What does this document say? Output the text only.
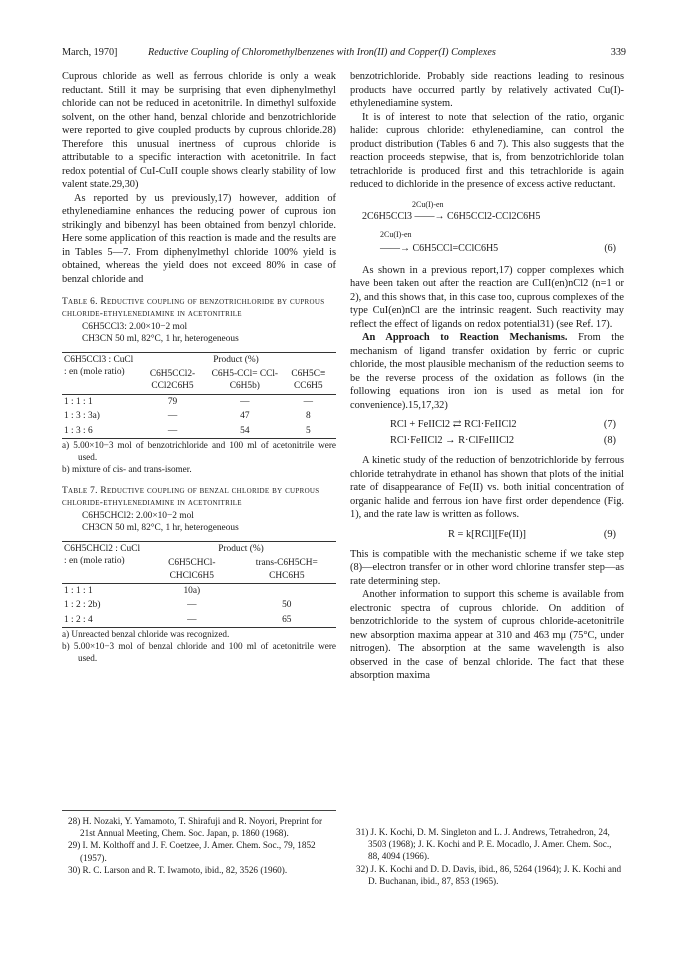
March, 1970]	Reductive Coupling of Chloromethylbenzenes with Iron(II) and Copper(I) Complexes	339

Cuprous chloride as well as ferrous chloride is only a weak reductant. Still it may be surprising that even diphenylmethyl chloride can not be reduced in acetonitrile. In dimethyl sulfoxide solvent, on the other hand, benzal chloride and benzotrichloride were reported to give coupled products by cuprous chloride.28) Therefore this unusual inertness of cuprous chloride is attributable to a specific interaction with acetonitrile. In fact redox potential of CuI-CuII couple shows clearly stability of low valent state.29,30)

As reported by us previously,17) however, addition of ethylenediamine enhances the reducing power of cuprous ion strikingly and bibenzyl has been obtained from benzyl chloride. Here some application of this reaction is made and the results are in Tables 5—7. From diphenylmethyl chloride 100% yield is obtained, whereas the yield does not exceed 80% in case of benzal chloride and

Table 6. Reductive coupling of benzotrichloride by cuprous chloride-ethylenediamine in acetonitrile
C6H5CCl3: 2.00×10−2 mol
CH3CN 50 ml, 82°C, 1 hr, heterogeneous
C6H5CCl3 : CuCl : en (mole ratio)	Product (%)		
	C6H5CCl2-CCl2C6H5	C6H5-CCl= CCl-C6H5b)	C6H5C≡ CC6H5
1 : 1 : 1	79	—	—
1 : 3 : 3a)	—	47	8
1 : 3 : 6	—	54	5
a) 5.00×10−3 mol of benzotrichloride and 100 ml of acetonitrile were used.
b) mixture of cis- and trans-isomer.
Table 7. Reductive coupling of benzal chloride by cuprous chloride-ethylenediamine in acetonitrile
C6H5CHCl2: 2.00×10−2 mol
CH3CN 50 ml, 82°C, 1 hr, heterogeneous
C6H5CHCl2 : CuCl : en (mole ratio)	Product (%)	
	C6H5CHCl-CHClC6H5	trans-C6H5CH= CHC6H5
1 : 1 : 1	10a)	
1 : 2 : 2b)	—	50
1 : 2 : 4	—	65
a) Unreacted benzal chloride was recognized.
b) 5.00×10−3 mol of benzal chloride and 100 ml of acetonitrile were used.

benzotrichloride. Probably side reactions leading to resinous products have occurred partly by relatively activated Cu(I)-ethylenediamine system.

It is of interest to note that selection of the ratio, organic halide: cuprous chloride: ethylenediamine, can control the product distribution (Tables 6 and 7). This also suggests that the reaction proceeds stepwise, that is, from benzotrichloride tolan tetrachloride is produced first and this tetrachloride is again reduced to dichloride in the presence of excess active reductant.

2Cu(I)-en
2C6H5CCl3 ——→ C6H5CCl2-CCl2C6H5
2Cu(I)-en
——→ C6H5CCl=CClC6H5	(6)

As shown in a previous report,17) copper complexes which have been taken out after the reaction are CuII(en)nCl2 (n=1 or 2), and this shows that, in this case too, cuprous complexes of the type CuI(en)nCl are the intrinsic reagent. Such reactivity may reflect the effect of ligands on redox potential31) (see Ref. 17).

An Approach to Reaction Mechanisms. From the mechanism of ligand transfer oxidation by ferric or cupric chloride, the most plausible mechanism of the reduction seems to be the reverse process of the oxidation as follows (in the following equations iron ion is used as metal ion for convenience).15,17,32)

RCl + FeIICl2 ⇄ RCl·FeIICl2	(7)
RCl·FeIICl2 → R·ClFeIIICl2	(8)

A kinetic study of the reduction of benzotrichloride by ferrous chloride tetrahydrate in ethanol has shown that plots of the initial rate of disappearance of Fe(II) vs. both initial concentration of organic halide and ferrous ion have first order dependence (Fig. 1), and the rate law is written as follows.

R = k[RCl][Fe(II)]	(9)

This is compatible with the mechanistic scheme if we take step (8)—electron transfer or in other word chlorine transfer step—as rate determining step.

Another information to support this scheme is available from electronic spectra of cuprous chloride. On addition of benzotrichloride to the system of cuprous chloride-acetonitrile new absorption maxima appear at 310 and 463 mμ (75°C, under nitrogen). The absorption at the same wavelength is also observed in the case of benzal chloride. The fact that these absorption maxima

28) H. Nozaki, Y. Yamamoto, T. Shirafuji and R. Noyori, Preprint for 21st Annual Meeting, Chem. Soc. Japan, p. 1860 (1968).
29) I. M. Kolthoff and J. F. Coetzee, J. Amer. Chem. Soc., 79, 1852 (1957).
30) R. C. Larson and R. T. Iwamoto, ibid., 82, 3526 (1960).
31) J. K. Kochi, D. M. Singleton and L. J. Andrews, Tetrahedron, 24, 3503 (1968); J. K. Kochi and P. E. Mocadlo, J. Amer. Chem. Soc., 88, 4094 (1966).
32) J. K. Kochi and D. D. Davis, ibid., 86, 5264 (1964); J. K. Kochi and D. Buchanan, ibid., 87, 853 (1965).
